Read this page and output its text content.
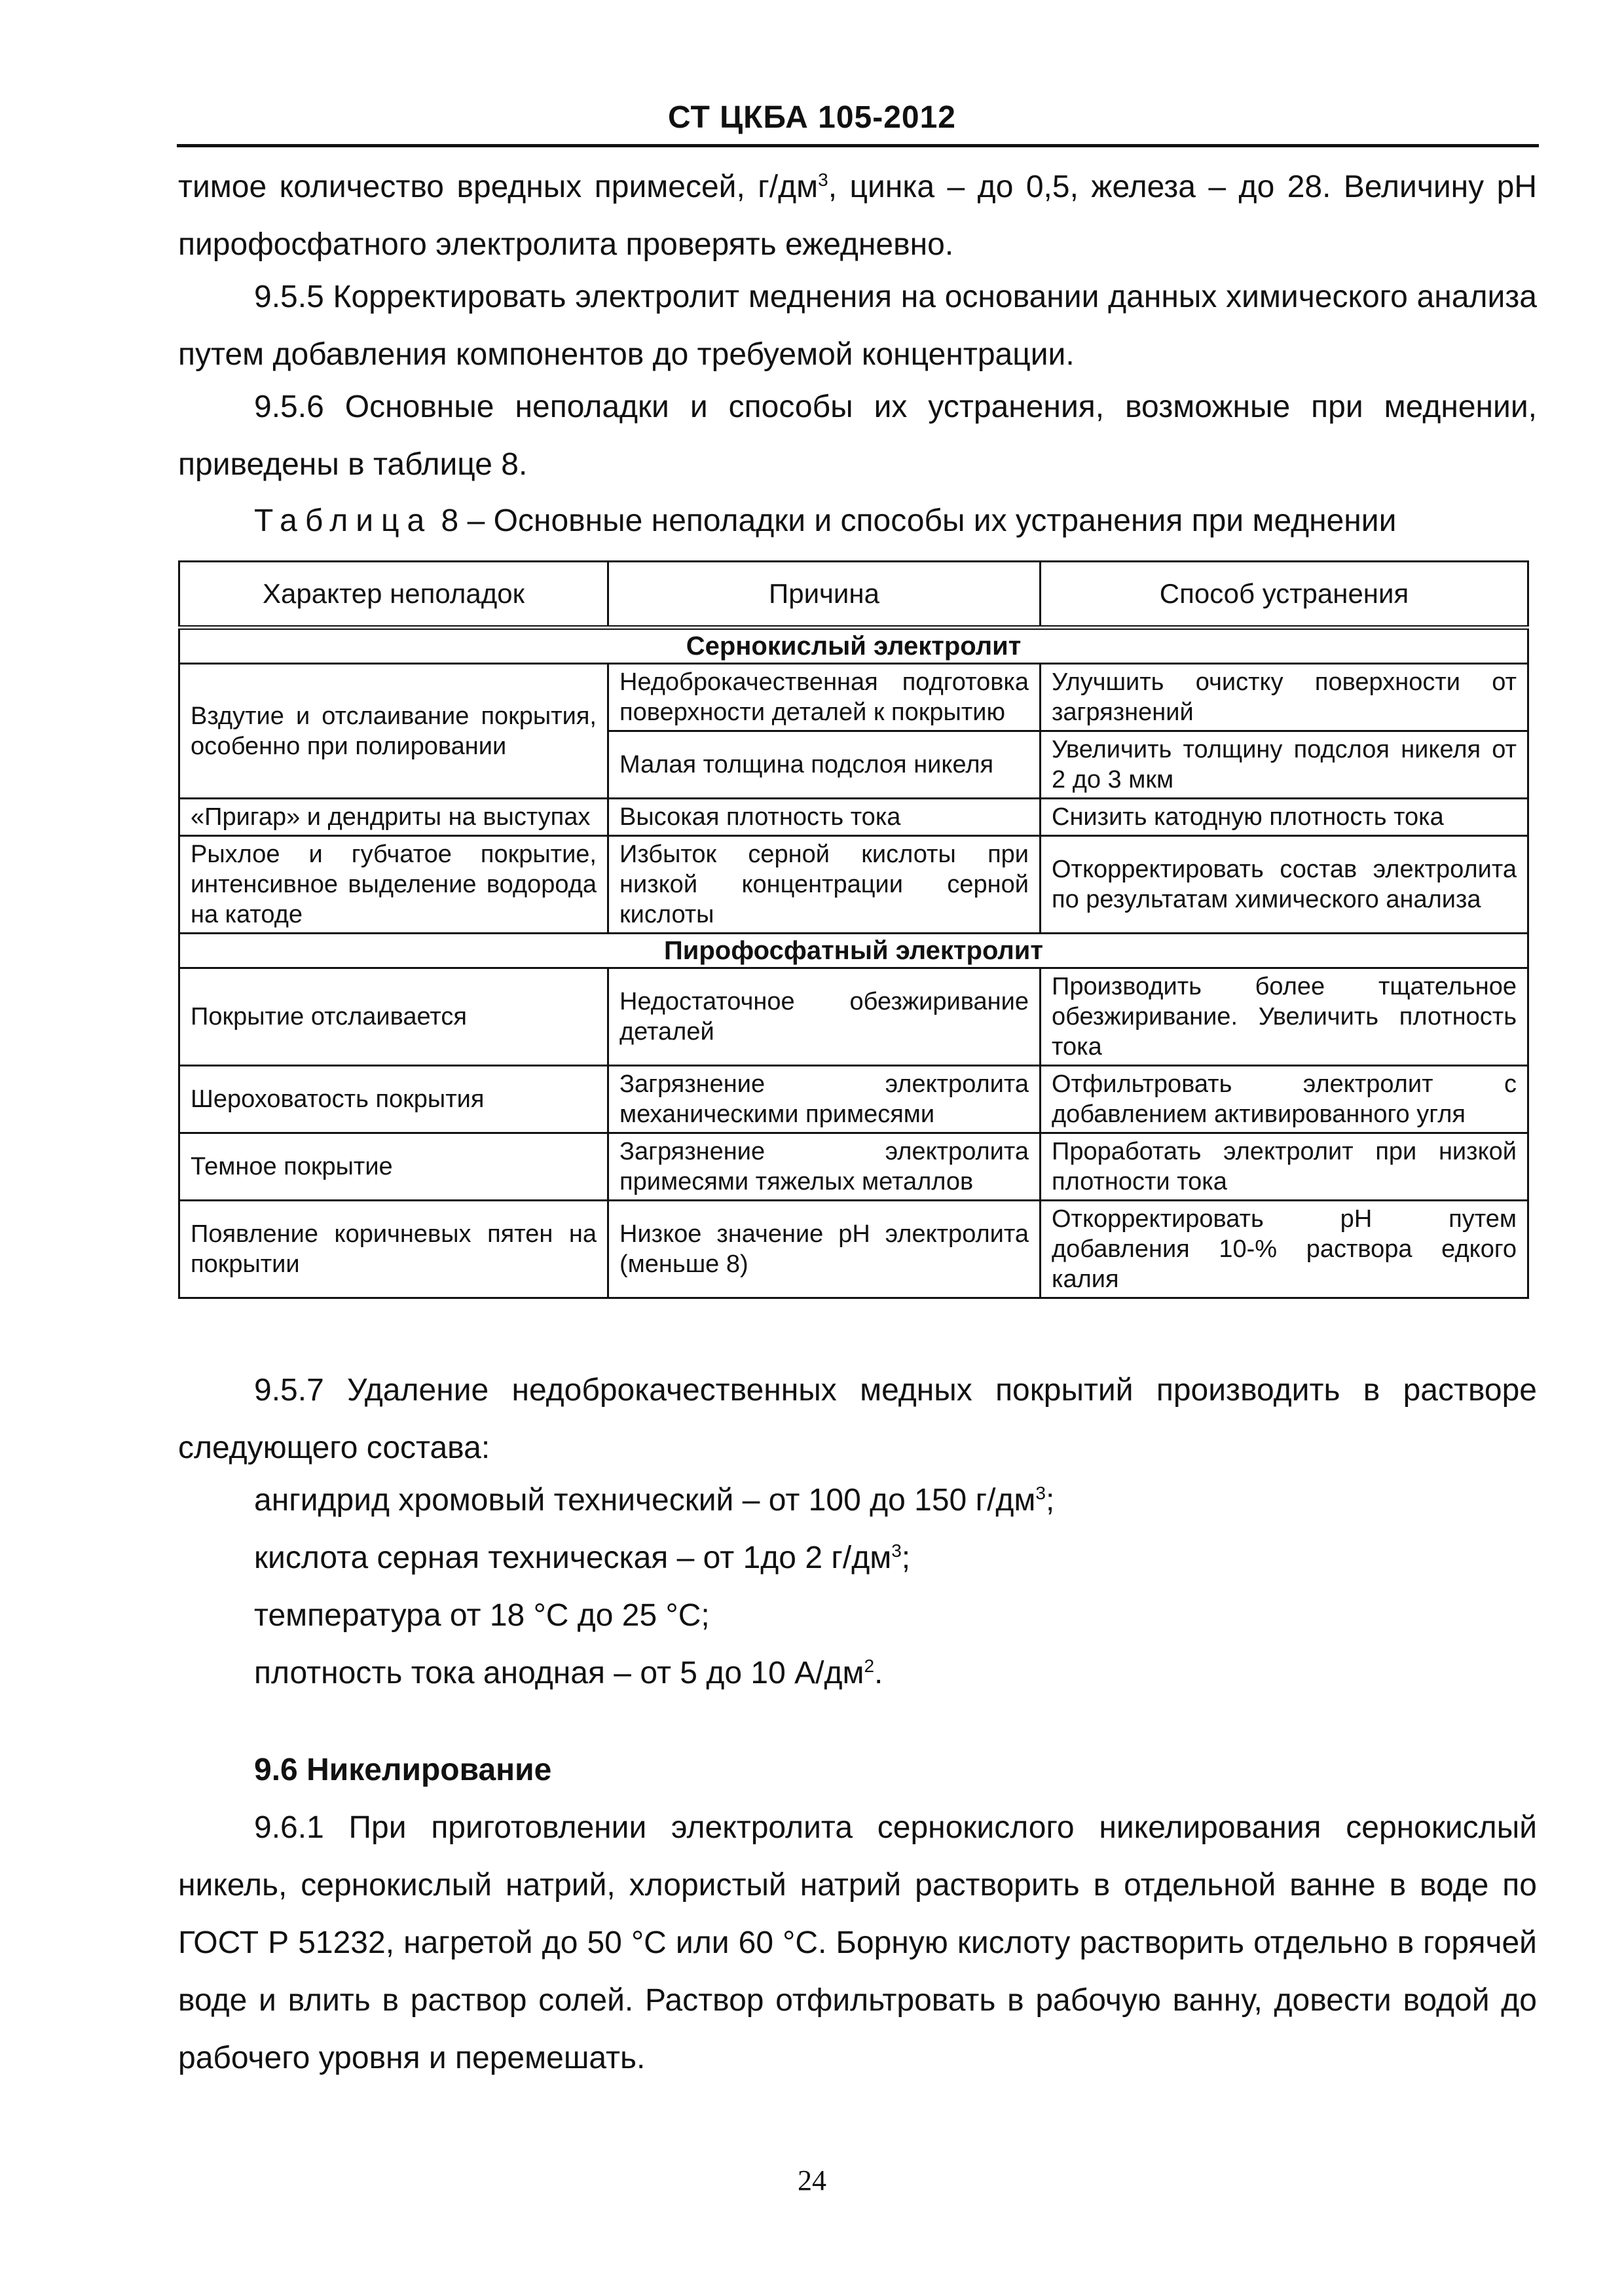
СТ ЦКБА 105-2012
тимое количество вредных примесей, $г/дм^3$, цинка – до 0,5, железа – до 28. Величину рН пирофосфатного электролита проверять ежедневно.
9.5.5 Корректировать электролит меднения на основании данных химического анализа путем добавления компонентов до требуемой концентрации.
9.5.6 Основные неполадки и способы их устранения, возможные при меднении, приведены в таблице 8.
Таблица 8 – Основные неполадки и способы их устранения при меднении
Характер неполадок	Причина	Способ устранения
Сернокислый электролит		
Вздутие и отслаивание покрытия, особенно при полировании	Недоброкачественная подготовка поверхности деталей к покрытию	Улучшить очистку поверхности от загрязнений
	Малая толщина подслоя никеля	Увеличить толщину подслоя никеля от 2 до 3 мкм
«Пригар» и дендриты на выступах	Высокая плотность тока	Снизить катодную плотность тока
Рыхлое и губчатое покрытие, интенсивное выделение водорода на катоде	Избыток серной кислоты при низкой концентрации серной кислоты	Откорректировать состав электролита по результатам химического анализа
Пирофосфатный электролит		
Покрытие отслаивается	Недостаточное обезжиривание деталей	Производить более тщательное обезжиривание. Увеличить плотность тока
Шероховатость покрытия	Загрязнение электролита механическими примесями	Отфильтровать электролит с добавлением активированного угля
Темное покрытие	Загрязнение электролита примесями тяжелых металлов	Проработать электролит при низкой плотности тока
Появление коричневых пятен на покрытии	Низкое значение рН электролита (меньше 8)	Откорректировать рН путем добавления 10-% раствора едкого калия
9.5.7 Удаление недоброкачественных медных покрытий производить в растворе следующего состава:
ангидрид хромовый технический – от 100 до 150 $г/дм^3$;
кислота серная техническая – от 1до 2 $г/дм^3$;
температура от 18 °С до 25 °С;
плотность тока анодная – от 5 до 10 $А/дм^2$.
9.6 Никелирование
9.6.1 При приготовлении электролита сернокислого никелирования сернокислый никель, сернокислый натрий, хлористый натрий растворить в отдельной ванне в воде по ГОСТ Р 51232, нагретой до 50 °С или 60 °С. Борную кислоту растворить отдельно в горячей воде и влить в раствор солей. Раствор отфильтровать в рабочую ванну, довести водой до рабочего уровня и перемешать.
24
